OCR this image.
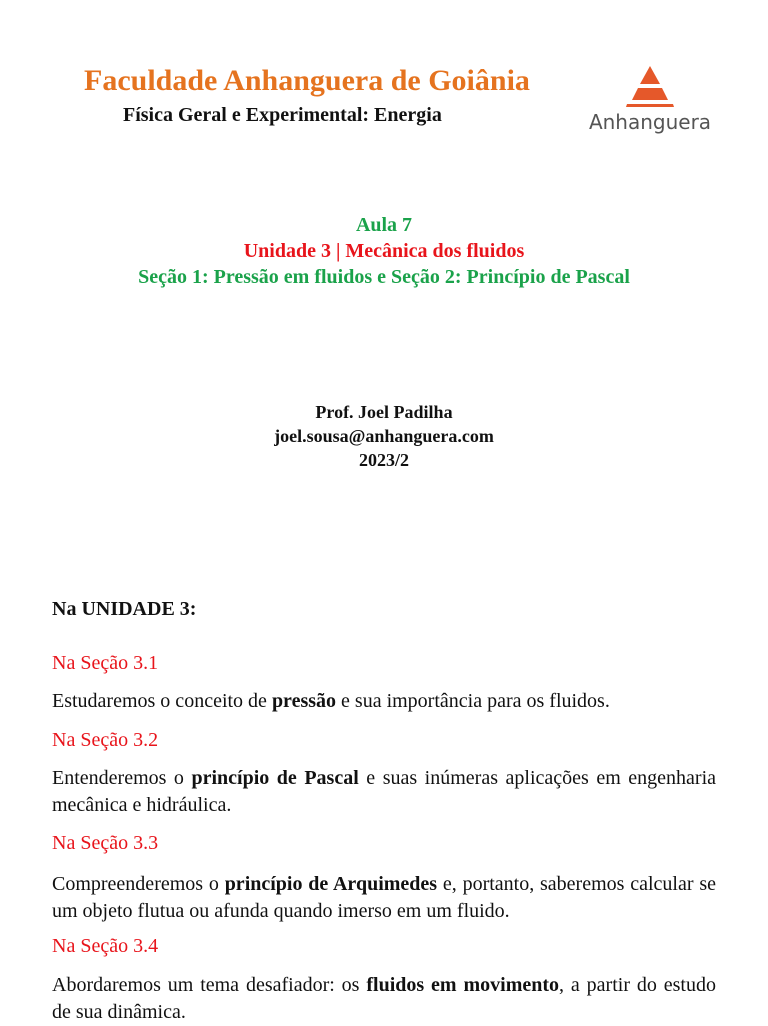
Faculdade Anhanguera de Goiânia
Física Geral e Experimental: Energia	Anhanguera
Aula 7
Unidade 3 | Mecânica dos fluidos
Seção 1: Pressão em fluidos e Seção 2: Princípio de Pascal
Prof. Joel Padilha
joel.sousa@anhanguera.com
2023/2
Na UNIDADE 3:
Na Seção 3.1
Estudaremos o conceito de pressão e sua importância para os fluidos.
Na Seção 3.2
Entenderemos o princípio de Pascal e suas inúmeras aplicações em engenharia mecânica e hidráulica.
Na Seção 3.3
Compreenderemos o princípio de Arquimedes e, portanto, saberemos calcular se um objeto flutua ou afunda quando imerso em um fluido.
Na Seção 3.4
Abordaremos um tema desafiador: os fluidos em movimento, a partir do estudo de sua dinâmica.
